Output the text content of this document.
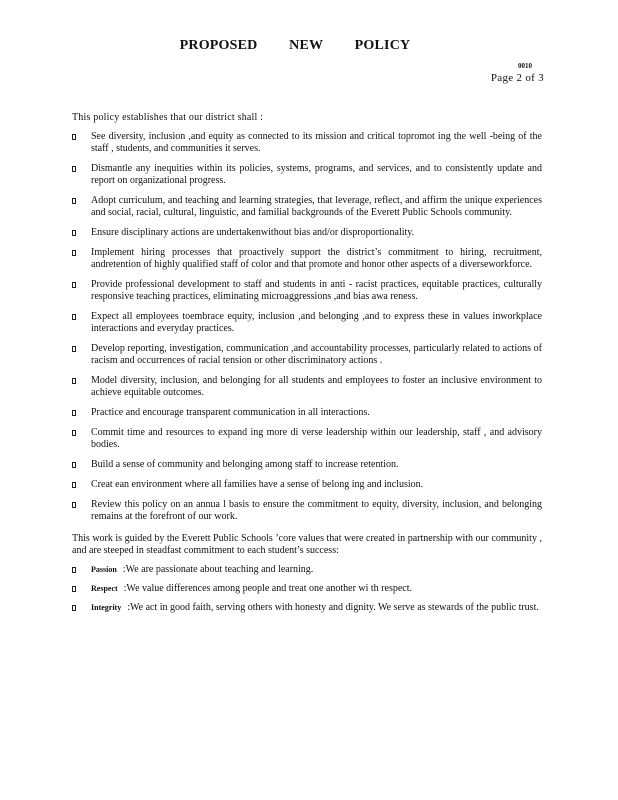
PROPOSED NEW POLICY
0010
Page 2 of 3

This policy establishes that our district shall :

See diversity, inclusion ,and equity as connected to its mission and critical topromot ing the well -being of the staff , students, and communities it serves.
Dismantle any inequities within its policies, systems, programs, and services, and to consistently update and report on organizational progress.
Adopt curriculum, and teaching and learning strategies, that leverage, reflect, and affirm the unique experiences and social, racial, cultural, linguistic, and familial backgrounds of the Everett Public Schools community.
Ensure disciplinary actions are undertakenwithout bias and/or disproportionality.
Implement hiring processes that proactively support the district’s commitment to hiring, recruitment, andretention of highly qualified staff of color and that promote and honor other aspects of a diverseworkforce.
Provide professional development to staff and students in anti - racist practices, equitable practices, culturally responsive teaching practices, eliminating microaggressions ,and bias awa reness.
Expect all employees toembrace equity, inclusion ,and belonging ,and to express these in values inworkplace interactions and everyday practices.
Develop reporting, investigation, communication ,and accountability processes, particularly related to actions of racism and occurrences of racial tension or other discriminatory actions .
Model diversity, inclusion, and belonging for all students and employees to foster an inclusive environment to achieve equitable outcomes.
Practice and encourage transparent communication in all interactions.
Commit time and resources to expand ing more di verse leadership within our leadership, staff , and advisory bodies.
Build a sense of community and belonging among staff to increase retention.
Creat ean environment where all families have a sense of belong ing and inclusion.
Review this policy on an annua l basis to ensure the commitment to equity, diversity, inclusion, and belonging remains at the forefront of our work.

This work is guided by the Everett Public Schools ’core values that were created in partnership with our community , and are steeped in steadfast commitment to each student’s success:

Passion :We are passionate about teaching and learning.
Respect :We value differences among people and treat one another wi th respect.
Integrity :We act in good faith, serving others with honesty and dignity. We serve as stewards of the public trust.
